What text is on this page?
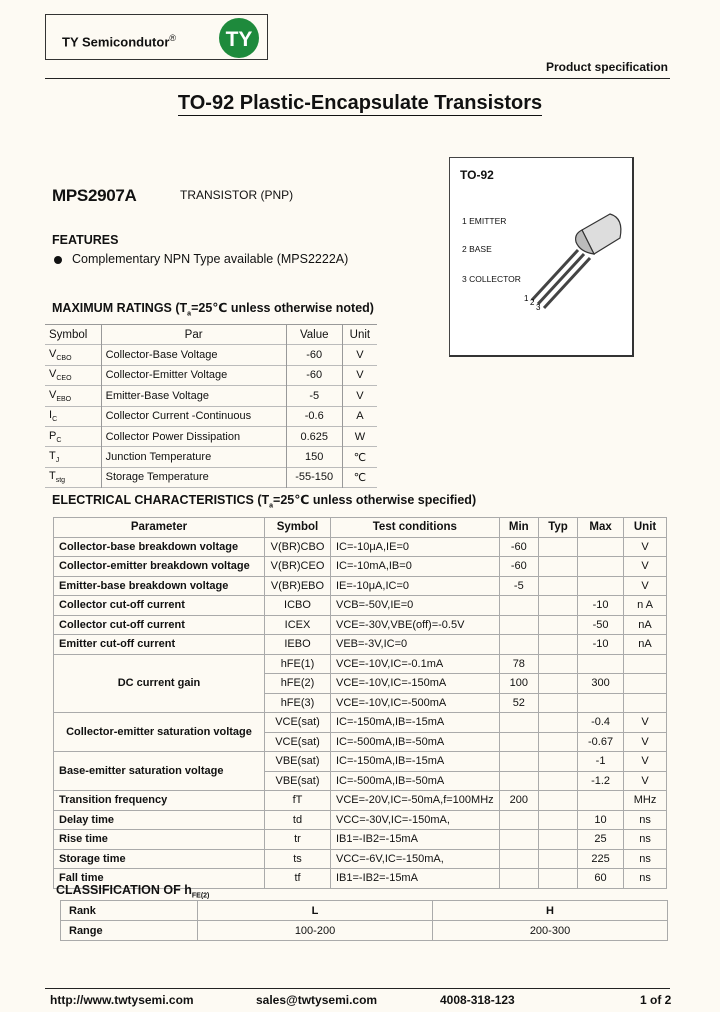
TY Semicondutor® TY
Product specification
TO-92 Plastic-Encapsulate Transistors
MPS2907A	TRANSISTOR (PNP)
FEATURES
Complementary NPN Type available (MPS2222A)
TO-92
1 EMITTER
2 BASE
3 COLLECTOR
1 2
3
MAXIMUM RATINGS ($T_a=25℃$ unless otherwise noted)
Symbol	Par	Value	Unit
$V_{CBO}$	Collector-Base Voltage	-60	V
$V_{CEO}$	Collector-Emitter Voltage	-60	V
$V_{EBO}$	Emitter-Base Voltage	-5	V
$I_C$	Collector Current -Continuous	-0.6	A
$P_C$	Collector Power Dissipation	0.625	W
$T_J$	Junction Temperature	150	℃
$T_{stg}$	Storage Temperature	-55-150	℃
ELECTRICAL CHARACTERISTICS ($T_a=25℃$ unless otherwise specified)
Parameter	Symbol	Test conditions	Min	Typ	Max	Unit
Collector-base breakdown voltage	V(BR)CBO	IC=-10μA,IE=0	-60			V
Collector-emitter breakdown voltage	V(BR)CEO	IC=-10mA,IB=0	-60			V
Emitter-base breakdown voltage	V(BR)EBO	IE=-10μA,IC=0	-5			V
Collector cut-off current	ICBO	VCB=-50V,IE=0			-10	n A
Collector cut-off current	ICEX	VCE=-30V,VBE(off)=-0.5V			-50	nA
Emitter cut-off current	IEBO	VEB=-3V,IC=0			-10	nA
DC current gain	hFE(1)	VCE=-10V,IC=-0.1mA	78			
	hFE(2)	VCE=-10V,IC=-150mA	100		300	
	hFE(3)	VCE=-10V,IC=-500mA	52			
Collector-emitter saturation voltage	VCE(sat)	IC=-150mA,IB=-15mA			-0.4	V
	VCE(sat)	IC=-500mA,IB=-50mA			-0.67	V
Base-emitter saturation voltage	VBE(sat)	IC=-150mA,IB=-15mA			-1	V
	VBE(sat)	IC=-500mA,IB=-50mA			-1.2	V
Transition frequency	fT	VCE=-20V,IC=-50mA,f=100MHz	200			MHz
Delay time	td	VCC=-30V,IC=-150mA,			10	ns
Rise time	tr	IB1=-IB2=-15mA			25	ns
Storage time	ts	VCC=-6V,IC=-150mA,			225	ns
Fall time	tf	IB1=-IB2=-15mA			60	ns
CLASSIFICATION OF $h_{FE(2)}$
Rank	L	H
Range	100-200	200-300
http://www.twtysemi.com	sales@twtysemi.com	4008-318-123	1 of 2
